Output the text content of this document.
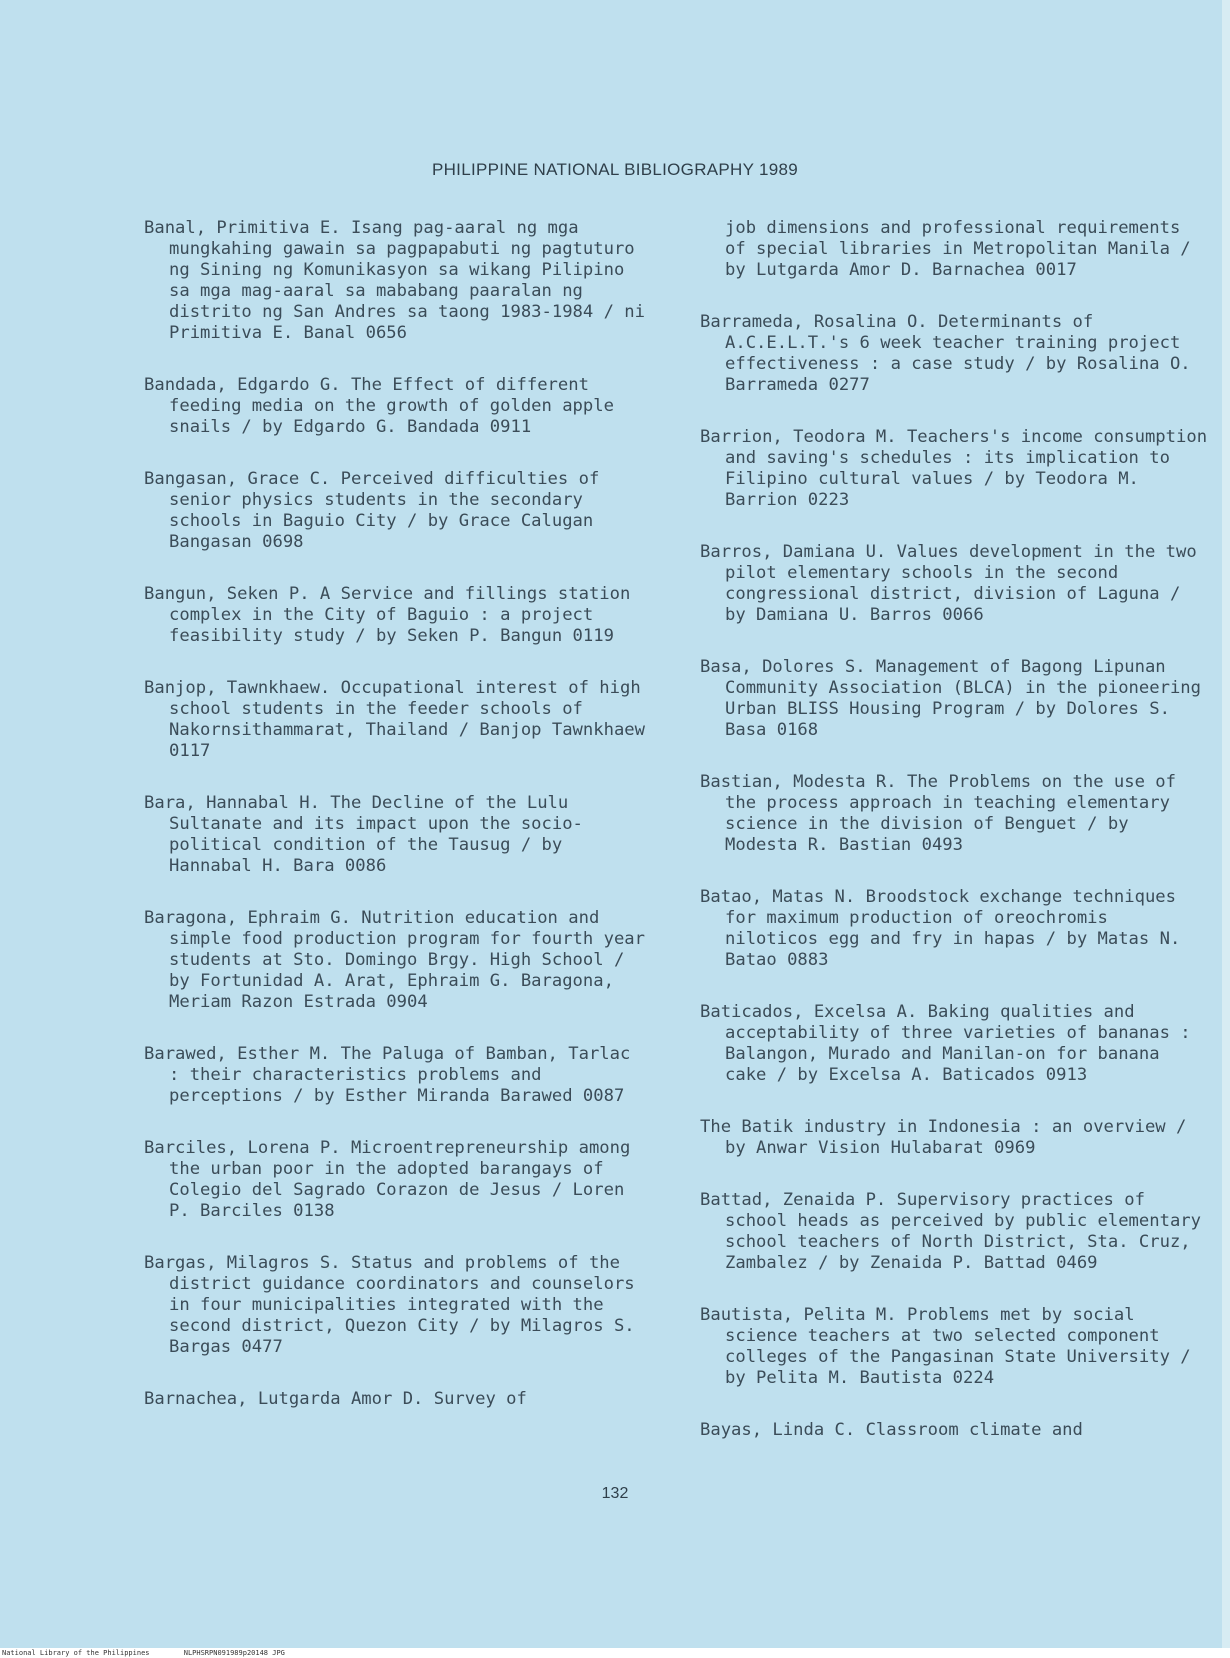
PHILIPPINE NATIONAL BIBLIOGRAPHY 1989

Banal, Primitiva E. Isang pag-aaral ng mga mungkahing gawain sa pagpapabuti ng pagtuturo ng Sining ng Komunikasyon sa wikang Pilipino sa mga mag-aaral sa mababang paaralan ng distrito ng San Andres sa taong 1983-1984 / ni Primitiva E. Banal 0656

Bandada, Edgardo G. The Effect of different feeding media on the growth of golden apple snails / by Edgardo G. Bandada 0911

Bangasan, Grace C. Perceived difficulties of senior physics students in the secondary schools in Baguio City / by Grace Calugan Bangasan 0698

Bangun, Seken P. A Service and fillings station complex in the City of Baguio : a project feasibility study / by Seken P. Bangun 0119

Banjop, Tawnkhaew. Occupational interest of high school students in the feeder schools of Nakornsithammarat, Thailand / Banjop Tawnkhaew 0117

Bara, Hannabal H. The Decline of the Lulu Sultanate and its impact upon the socio-political condition of the Tausug / by Hannabal H. Bara 0086

Baragona, Ephraim G. Nutrition education and simple food production program for fourth year students at Sto. Domingo Brgy. High School / by Fortunidad A. Arat, Ephraim G. Baragona, Meriam Razon Estrada 0904

Barawed, Esther M. The Paluga of Bamban, Tarlac : their characteristics problems and perceptions / by Esther Miranda Barawed 0087

Barciles, Lorena P. Microentrepreneurship among the urban poor in the adopted barangays of Colegio del Sagrado Corazon de Jesus / Loren P. Barciles 0138

Bargas, Milagros S. Status and problems of the district guidance coordinators and counselors in four municipalities integrated with the second district, Quezon City / by Milagros S. Bargas 0477

Barnachea, Lutgarda Amor D. Survey of

job dimensions and professional requirements of special libraries in Metropolitan Manila / by Lutgarda Amor D. Barnachea 0017

Barrameda, Rosalina O. Determinants of A.C.E.L.T.'s 6 week teacher training project effectiveness : a case study / by Rosalina O. Barrameda 0277

Barrion, Teodora M. Teachers's income consumption and saving's schedules : its implication to Filipino cultural values / by Teodora M. Barrion 0223

Barros, Damiana U. Values development in the two pilot elementary schools in the second congressional district, division of Laguna / by Damiana U. Barros 0066

Basa, Dolores S. Management of Bagong Lipunan Community Association (BLCA) in the pioneering Urban BLISS Housing Program / by Dolores S. Basa 0168

Bastian, Modesta R. The Problems on the use of the process approach in teaching elementary science in the division of Benguet / by Modesta R. Bastian 0493

Batao, Matas N. Broodstock exchange techniques for maximum production of oreochromis niloticos egg and fry in hapas / by Matas N. Batao 0883

Baticados, Excelsa A. Baking qualities and acceptability of three varieties of bananas : Balangon, Murado and Manilan-on for banana cake / by Excelsa A. Baticados 0913

The Batik industry in Indonesia : an overview / by Anwar Vision Hulabarat 0969

Battad, Zenaida P. Supervisory practices of school heads as perceived by public elementary school teachers of North District, Sta. Cruz, Zambalez / by Zenaida P. Battad 0469

Bautista, Pelita M. Problems met by social science teachers at two selected component colleges of the Pangasinan State University / by Pelita M. Bautista 0224

Bayas, Linda C. Classroom climate and

132
National Library of the Philippines	NLPHSRPN091989p20148 JPG
